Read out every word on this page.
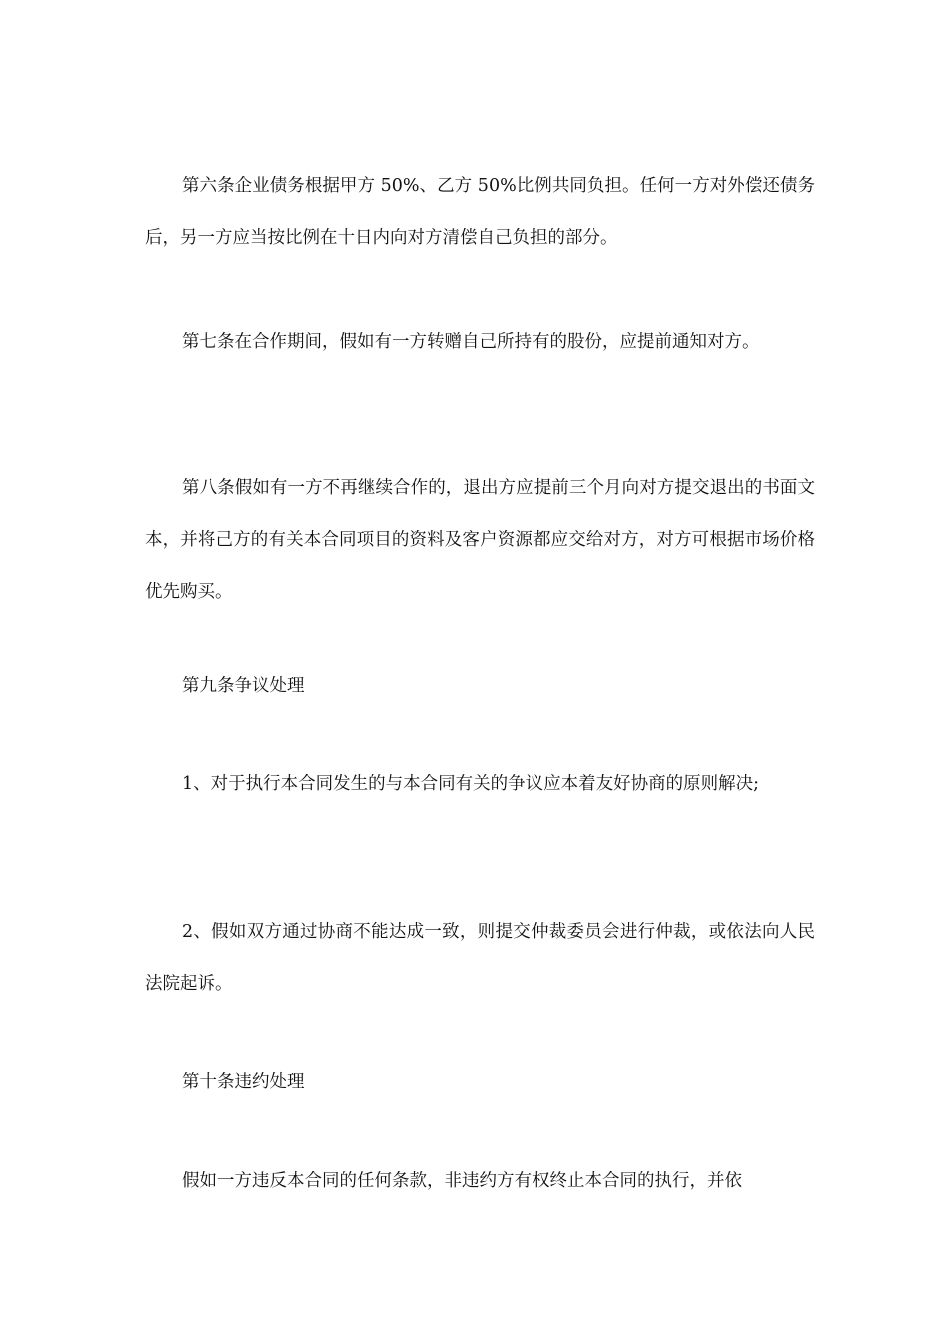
第六条企业债务根据甲方 50%、乙方 50%比例共同负担。任何一方对外偿还债务后，另一方应当按比例在十日内向对方清偿自己负担的部分。

第七条在合作期间，假如有一方转赠自己所持有的股份，应提前通知对方。

第八条假如有一方不再继续合作的，退出方应提前三个月向对方提交退出的书面文本，并将己方的有关本合同项目的资料及客户资源都应交给对方，对方可根据市场价格优先购买。

第九条争议处理

1、对于执行本合同发生的与本合同有关的争议应本着友好协商的原则解决;

2、假如双方通过协商不能达成一致，则提交仲裁委员会进行仲裁，或依法向人民法院起诉。

第十条违约处理

假如一方违反本合同的任何条款，非违约方有权终止本合同的执行，并依
